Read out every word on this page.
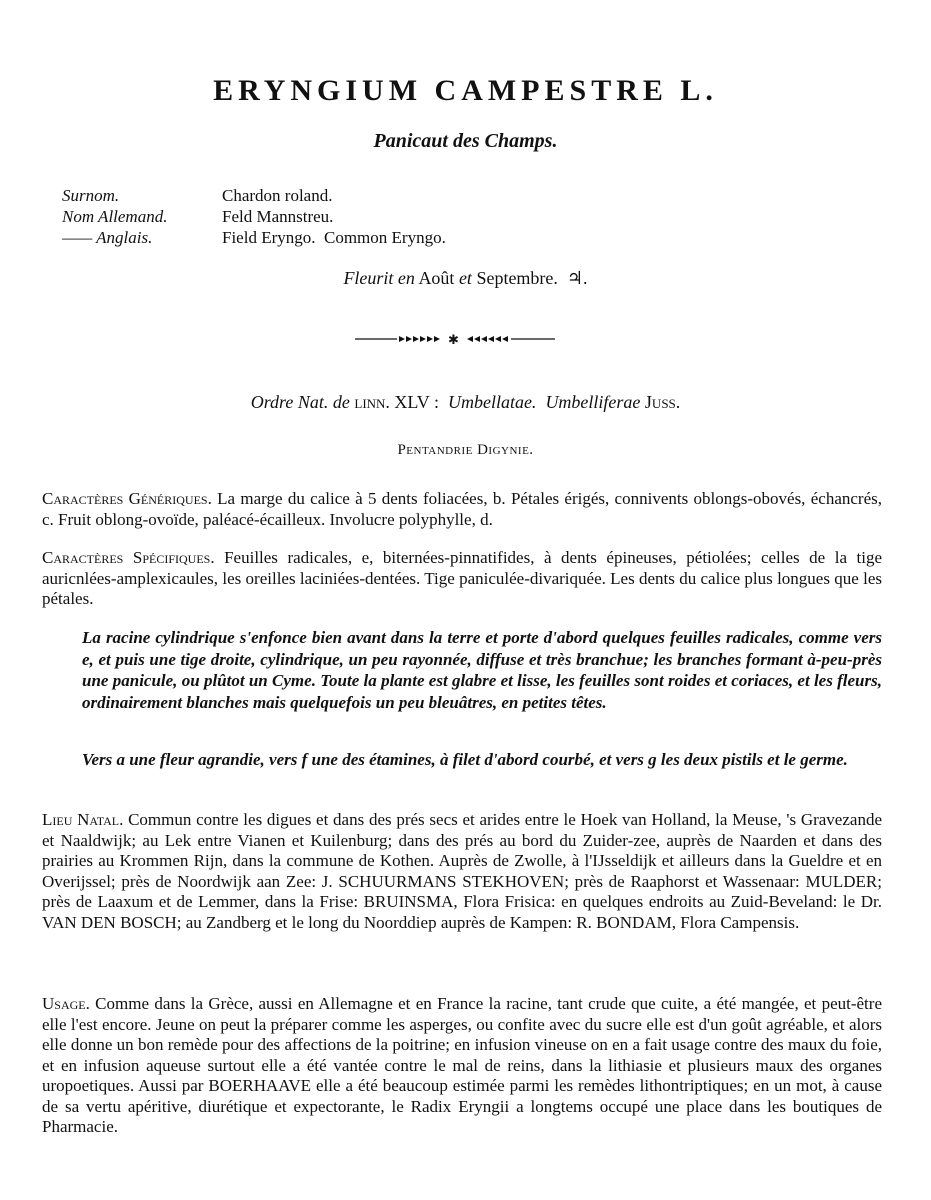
ERYNGIUM CAMPESTRE L.
Panicaut des Champs.
Surnom.	Chardon roland.
Nom Allemand.	Feld Mannstreu.
—— Anglais.	Field Eryngo.  Common Eryngo.
Fleurit en Août et Septembre. ♃.
✱
Ordre Nat. de linn. XLV : Umbellatae. Umbelliferae Juss.
Pentandrie Digynie.
Caractères Génériques. La marge du calice à 5 dents foliacées, b. Pétales érigés, connivents oblongs-obovés, échancrés, c. Fruit oblong-ovoïde, paléacé-écailleux. Involucre polyphylle, d.
Caractères Spécifiques. Feuilles radicales, e, biternées-pinnatifides, à dents épineuses, pétiolées; celles de la tige auricnlées-amplexicaules, les oreilles laciniées-dentées. Tige paniculée-divariquée. Les dents du calice plus longues que les pétales.
La racine cylindrique s'enfonce bien avant dans la terre et porte d'abord quelques feuilles radicales, comme vers e, et puis une tige droite, cylindrique, un peu rayonnée, diffuse et très branchue; les branches formant à-peu-près une panicule, ou plûtot un Cyme. Toute la plante est glabre et lisse, les feuilles sont roides et coriaces, et les fleurs, ordinairement blanches mais quelquefois un peu bleuâtres, en petites têtes.
Vers a une fleur agrandie, vers f une des étamines, à filet d'abord courbé, et vers g les deux pistils et le germe.
Lieu Natal. Commun contre les digues et dans des prés secs et arides entre le Hoek van Holland, la Meuse, 's Gravezande et Naaldwijk; au Lek entre Vianen et Kuilenburg; dans des prés au bord du Zuider-zee, auprès de Naarden et dans des prairies au Krommen Rijn, dans la commune de Kothen. Auprès de Zwolle, à l'IJsseldijk et ailleurs dans la Gueldre et en Overijssel; près de Noordwijk aan Zee: J. SCHUURMANS STEKHOVEN; près de Raaphorst et Wassenaar: MULDER; près de Laaxum et de Lemmer, dans la Frise: BRUINSMA, Flora Frisica: en quelques endroits au Zuid-Beveland: le Dr. VAN DEN BOSCH; au Zandberg et le long du Noorddiep auprès de Kampen: R. BONDAM, Flora Campensis.
Usage. Comme dans la Grèce, aussi en Allemagne et en France la racine, tant crude que cuite, a été mangée, et peut-être elle l'est encore. Jeune on peut la préparer comme les asperges, ou confite avec du sucre elle est d'un goût agréable, et alors elle donne un bon remède pour des affections de la poitrine; en infusion vineuse on en a fait usage contre des maux du foie, et en infusion aqueuse surtout elle a été vantée contre le mal de reins, dans la lithiasie et plusieurs maux des organes uropoetiques. Aussi par BOERHAAVE elle a été beaucoup estimée parmi les remèdes lithontriptiques; en un mot, à cause de sa vertu apéritive, diurétique et expectorante, le Radix Eryngii a longtems occupé une place dans les boutiques de Pharmacie.
